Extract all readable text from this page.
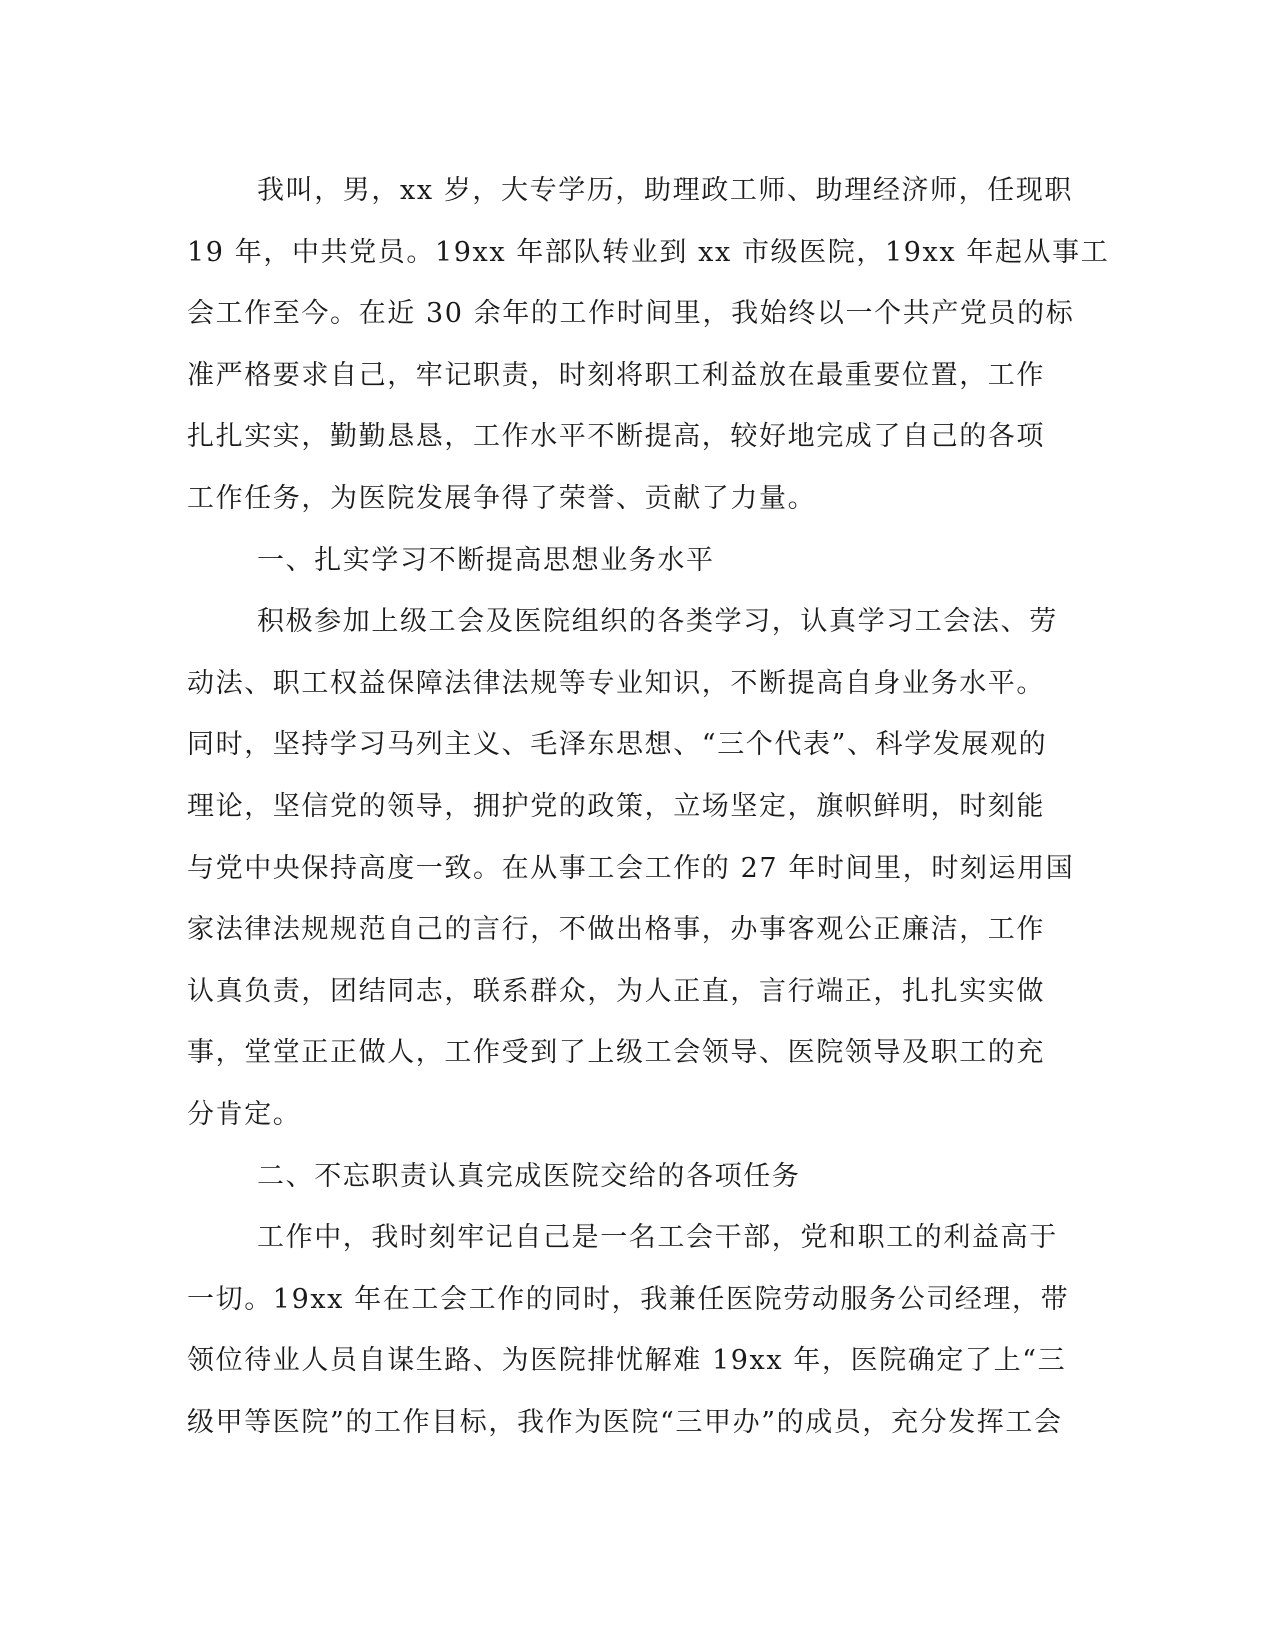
我叫，男，xx 岁，大专学历，助理政工师、助理经济师，任现职
19 年，中共党员。19xx 年部队转业到 xx 市级医院，19xx 年起从事工
会工作至今。在近 30 余年的工作时间里，我始终以一个共产党员的标
准严格要求自己，牢记职责，时刻将职工利益放在最重要位置，工作
扎扎实实，勤勤恳恳，工作水平不断提高，较好地完成了自己的各项
工作任务，为医院发展争得了荣誉、贡献了力量。
一、扎实学习不断提高思想业务水平
积极参加上级工会及医院组织的各类学习，认真学习工会法、劳
动法、职工权益保障法律法规等专业知识，不断提高自身业务水平。
同时，坚持学习马列主义、毛泽东思想、“三个代表”、科学发展观的
理论，坚信党的领导，拥护党的政策，立场坚定，旗帜鲜明，时刻能
与党中央保持高度一致。在从事工会工作的 27 年时间里，时刻运用国
家法律法规规范自己的言行，不做出格事，办事客观公正廉洁，工作
认真负责，团结同志，联系群众，为人正直，言行端正，扎扎实实做
事，堂堂正正做人，工作受到了上级工会领导、医院领导及职工的充
分肯定。
二、不忘职责认真完成医院交给的各项任务
工作中，我时刻牢记自己是一名工会干部，党和职工的利益高于
一切。19xx 年在工会工作的同时，我兼任医院劳动服务公司经理，带
领位待业人员自谋生路、为医院排忧解难 19xx 年，医院确定了上“三
级甲等医院”的工作目标，我作为医院“三甲办”的成员，充分发挥工会
